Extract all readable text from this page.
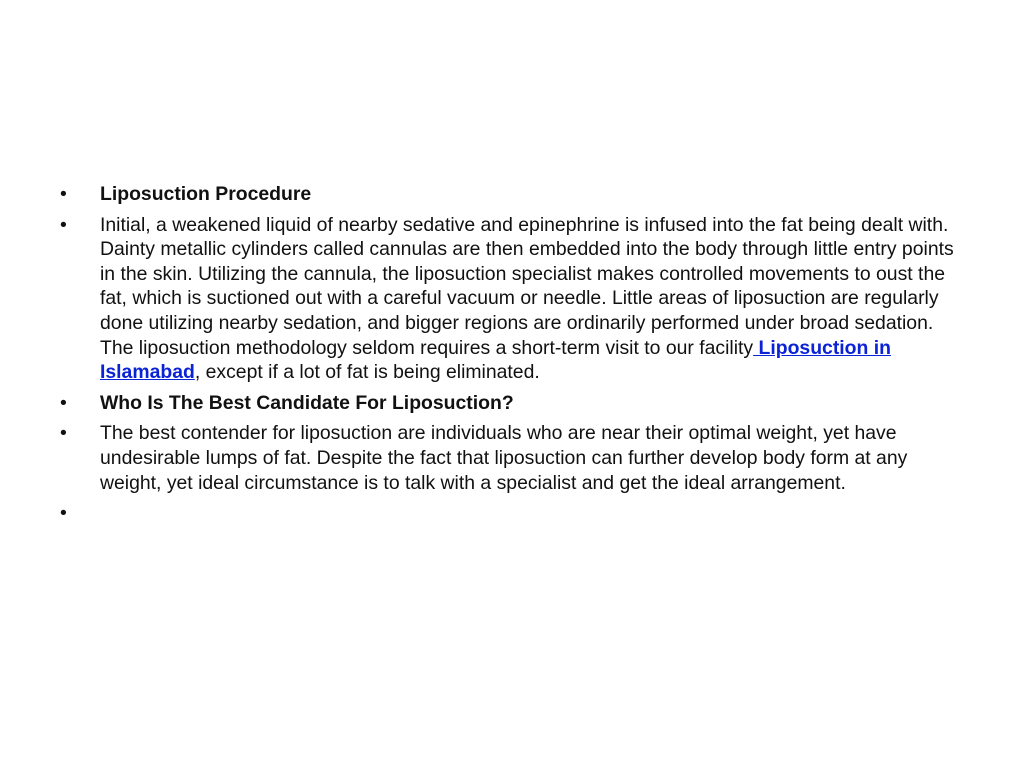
•	Liposuction Procedure
•	Initial, a weakened liquid of nearby sedative and epinephrine is infused into the fat being dealt with. Dainty metallic cylinders called cannulas are then embedded into the body through little entry points in the skin. Utilizing the cannula, the liposuction specialist makes controlled movements to oust the fat, which is suctioned out with a careful vacuum or needle. Little areas of liposuction are regularly done utilizing nearby sedation, and bigger regions are ordinarily performed under broad sedation. The liposuction methodology seldom requires a short-term visit to our facility Liposuction in Islamabad, except if a lot of fat is being eliminated.
•	Who Is The Best Candidate For Liposuction?
•	The best contender for liposuction are individuals who are near their optimal weight, yet have undesirable lumps of fat. Despite the fact that liposuction can further develop body form at any weight, yet ideal circumstance is to talk with a specialist and get the ideal arrangement.
•
